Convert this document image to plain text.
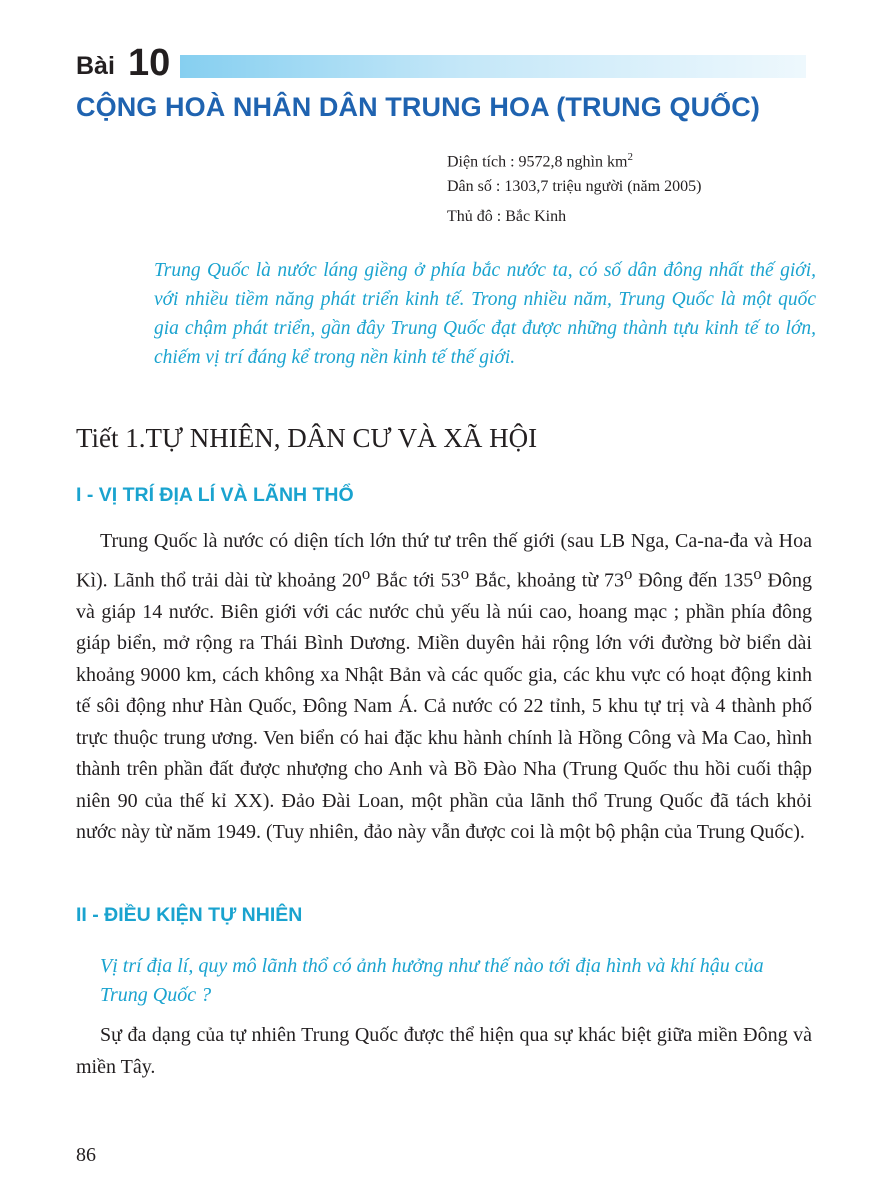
Bài 10
CỘNG HOÀ NHÂN DÂN TRUNG HOA (TRUNG QUỐC)
Diện tích : 9572,8 nghìn $km^2$
Dân số : 1303,7 triệu người (năm 2005)
Thủ đô : Bắc Kinh

Trung Quốc là nước láng giềng ở phía bắc nước ta, có số dân đông nhất thế giới, với nhiều tiềm năng phát triển kinh tế. Trong nhiều năm, Trung Quốc là một quốc gia chậm phát triển, gần đây Trung Quốc đạt được những thành tựu kinh tế to lớn, chiếm vị trí đáng kể trong nền kinh tế thế giới.

Tiết 1.TỰ NHIÊN, DÂN CƯ VÀ XÃ HỘI
I - VỊ TRÍ ĐỊA LÍ VÀ LÃNH THỔ

Trung Quốc là nước có diện tích lớn thứ tư trên thế giới (sau LB Nga, Ca-na-đa và Hoa Kì). Lãnh thổ trải dài từ khoảng 20$^o$ Bắc tới 53$^o$ Bắc, khoảng từ 73$^o$ Đông đến 135$^o$ Đông và giáp 14 nước. Biên giới với các nước chủ yếu là núi cao, hoang mạc ; phần phía đông giáp biển, mở rộng ra Thái Bình Dương. Miền duyên hải rộng lớn với đường bờ biển dài khoảng 9000 km, cách không xa Nhật Bản và các quốc gia, các khu vực có hoạt động kinh tế sôi động như Hàn Quốc, Đông Nam Á. Cả nước có 22 tỉnh, 5 khu tự trị và 4 thành phố trực thuộc trung ương. Ven biển có hai đặc khu hành chính là Hồng Công và Ma Cao, hình thành trên phần đất được nhượng cho Anh và Bồ Đào Nha (Trung Quốc thu hồi cuối thập niên 90 của thế kỉ XX). Đảo Đài Loan, một phần của lãnh thổ Trung Quốc đã tách khỏi nước này từ năm 1949. (Tuy nhiên, đảo này vẫn được coi là một bộ phận của Trung Quốc).

II - ĐIỀU KIỆN TỰ NHIÊN

Vị trí địa lí, quy mô lãnh thổ có ảnh hưởng như thế nào tới địa hình và khí hậu của Trung Quốc ?

Sự đa dạng của tự nhiên Trung Quốc được thể hiện qua sự khác biệt giữa miền Đông và miền Tây.

86
